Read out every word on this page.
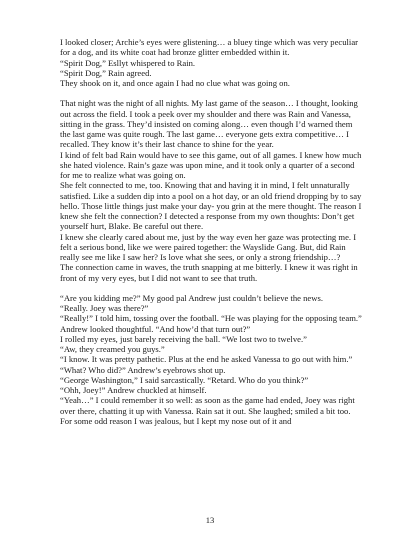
I looked closer; Archie’s eyes were glistening… a bluey tinge which was very peculiar for a dog, and its white coat had bronze glitter embedded within it.

“Spirit Dog,” Esllyt whispered to Rain.

“Spirit Dog,” Rain agreed.

They shook on it, and once again I had no clue what was going on.

That night was the night of all nights. My last game of the season… I thought, looking out across the field. I took a peek over my shoulder and there was Rain and Vanessa, sitting in the grass. They’d insisted on coming along… even though I’d warned them the last game was quite rough. The last game… everyone gets extra competitive… I recalled. They know it’s their last chance to shine for the year.

I kind of felt bad Rain would have to see this game, out of all games. I knew how much she hated violence. Rain’s gaze was upon mine, and it took only a quarter of a second for me to realize what was going on.

She felt connected to me, too. Knowing that and having it in mind, I felt unnaturally satisfied. Like a sudden dip into a pool on a hot day, or an old friend dropping by to say hello. Those little things just make your day- you grin at the mere thought. The reason I knew she felt the connection? I detected a response from my own thoughts: Don’t get yourself hurt, Blake. Be careful out there.

I knew she clearly cared about me, just by the way even her gaze was protecting me. I felt a serious bond, like we were paired together: the Wayslide Gang. But, did Rain really see me like I saw her? Is love what she sees, or only a strong friendship…?

The connection came in waves, the truth snapping at me bitterly. I knew it was right in front of my very eyes, but I did not want to see that truth.

“Are you kidding me?” My good pal Andrew just couldn’t believe the news.

“Really. Joey was there?”

“Really!” I told him, tossing over the football. “He was playing for the opposing team.”

Andrew looked thoughtful. “And how’d that turn out?”

I rolled my eyes, just barely receiving the ball. “We lost two to twelve.”

“Aw, they creamed you guys.”

“I know. It was pretty pathetic. Plus at the end he asked Vanessa to go out with him.”

“What? Who did?” Andrew’s eyebrows shot up.

“George Washington,” I said sarcastically. “Retard. Who do you think?”

“Ohh, Joey!” Andrew chuckled at himself.

“Yeah…” I could remember it so well: as soon as the game had ended, Joey was right over there, chatting it up with Vanessa. Rain sat it out. She laughed; smiled a bit too. For some odd reason I was jealous, but I kept my nose out of it and

13
